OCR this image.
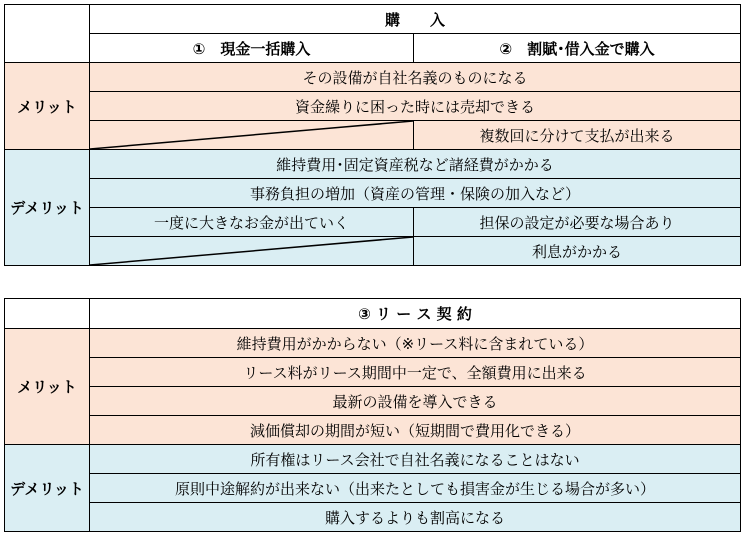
	購　　入	
	①　現金一括購入	②　割賦･借入金で購入
メリット	その設備が自社名義のものになる	
	資金繰りに困った時には売却できる	

	複数回に分けて支払が出来る
デメリット	維持費用･固定資産税など諸経費がかかる	
	事務負担の増加（資産の管理・保険の加入など）	
	一度に大きなお金が出ていく	担保の設定が必要な場合あり

	利息がかかる
	③ リ ー ス 契 約
メリット	維持費用がかからない（※リース料に含まれている）
	リース料がリース期間中一定で、全額費用に出来る
	最新の設備を導入できる
	減価償却の期間が短い（短期間で費用化できる）
デメリット	所有権はリース会社で自社名義になることはない
	原則中途解約が出来ない（出来たとしても損害金が生じる場合が多い）
	購入するよりも割高になる
